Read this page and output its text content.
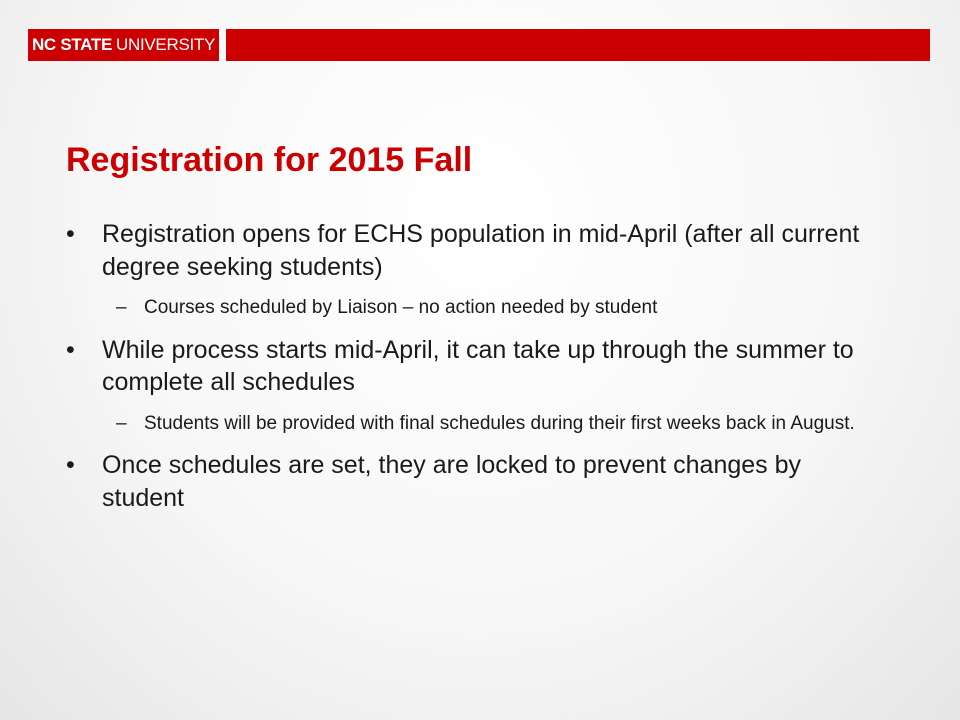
NC STATE UNIVERSITY
Registration for 2015 Fall
•	Registration opens for ECHS population in mid-April (after all current degree seeking students)
– Courses scheduled by Liaison – no action needed by student
•	While process starts mid-April, it can take up through the summer to complete all schedules
– Students will be provided with final schedules during their first weeks back in August.
•	Once schedules are set, they are locked to prevent changes by student
